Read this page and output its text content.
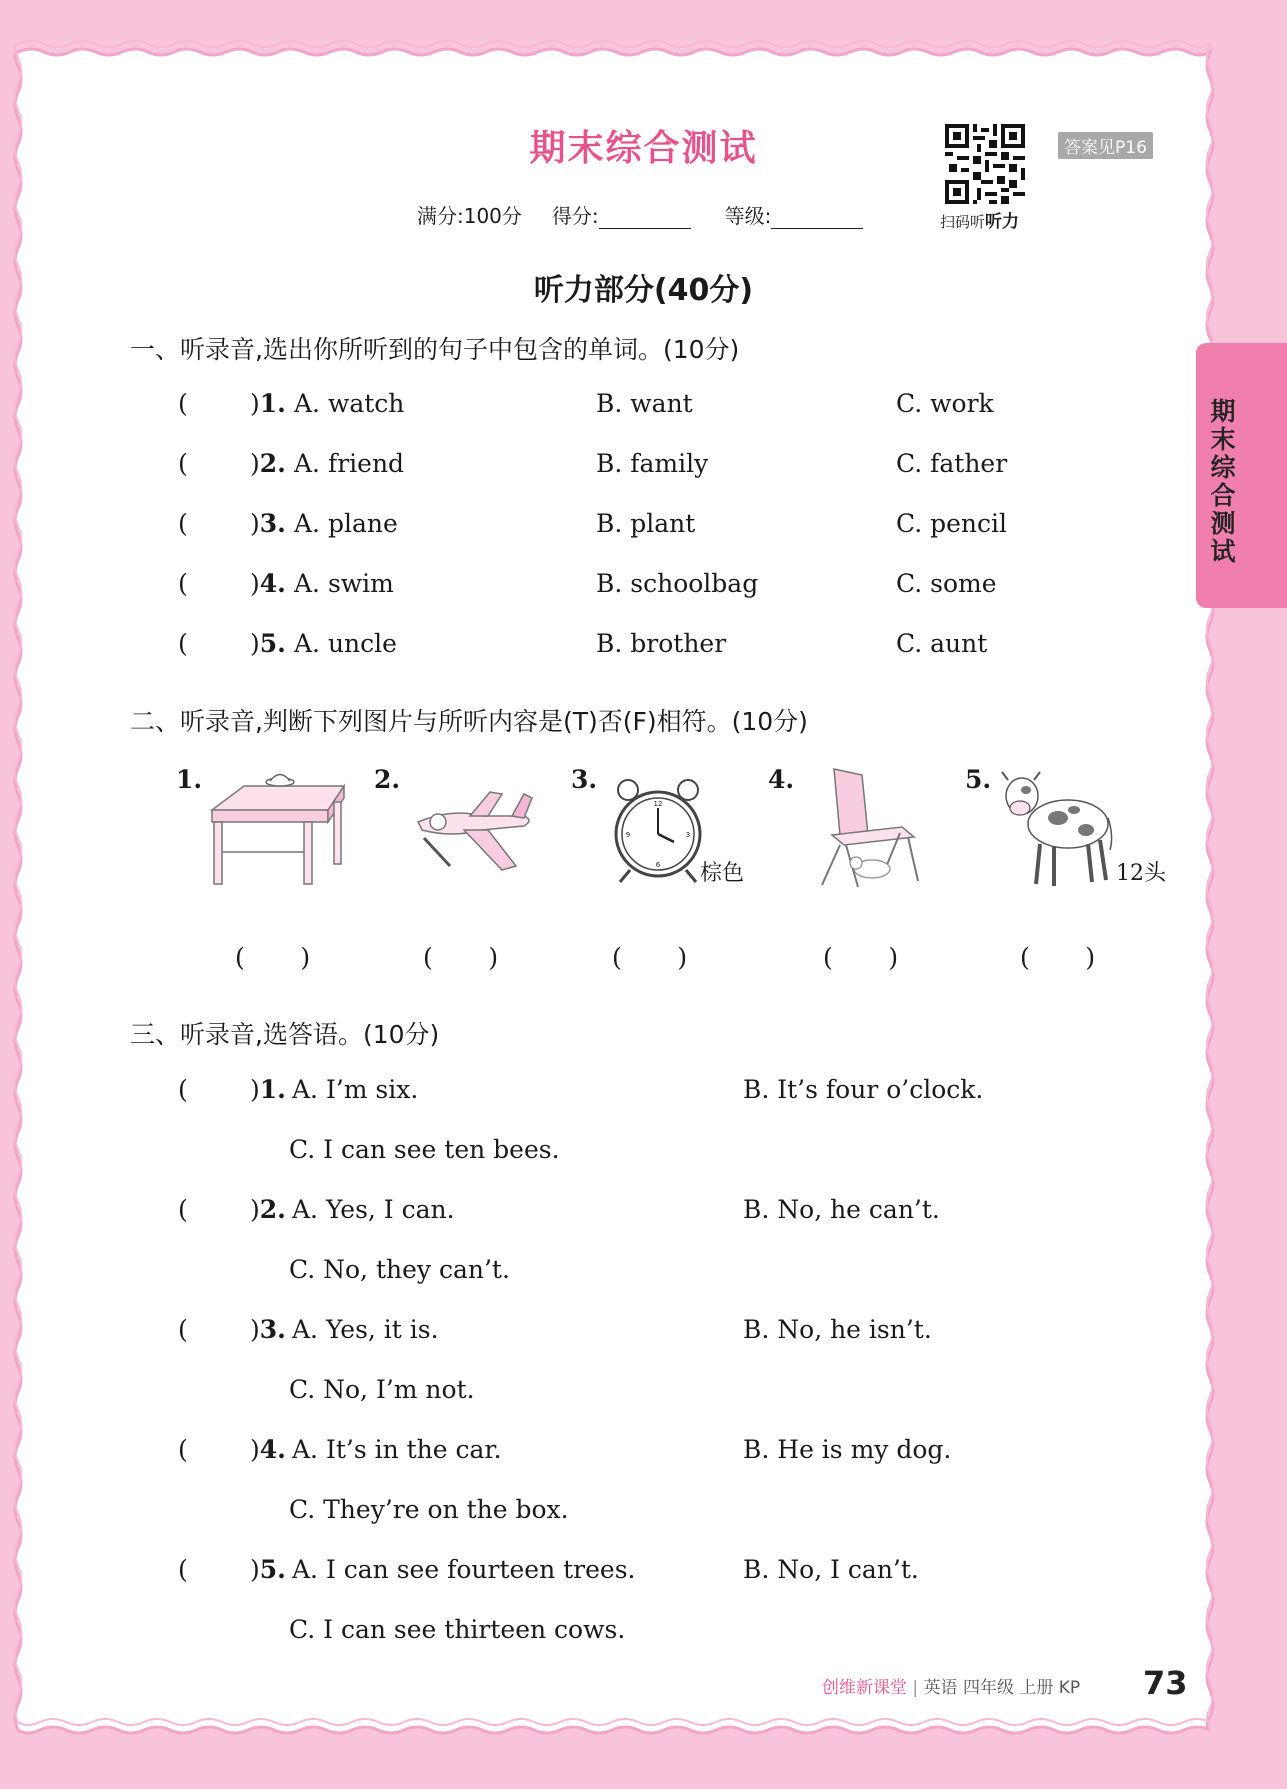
期末综合测试
满分:100分 得分:	等级:	扫码听听力
答案见P16
期末综合测试
听力部分(40分)
一、听录音,选出你所听到的句子中包含的单词。(10分)
( )1. A. watch	B. want	C. work
( )2. A. friend	B. family	C. father
( )3. A. plane	B. plant	C. pencil
( )4. A. swim	B. schoolbag	C. some
( )5. A. uncle	B. brother	C. aunt
二、听录音,判断下列图片与所听内容是(T)否(F)相符。(10分)
1.	2.	3.
12
3
6
9
棕色
4.	5.
12头
(       )	(       )	(       )	(       )	(       )
三、听录音,选答语。(10分)
( )1. A. I’m six.	B. It’s four o’clock.
C. I can see ten bees.
( )2. A. Yes, I can.	B. No, he can’t.
C. No, they can’t.
( )3. A. Yes, it is.	B. No, he isn’t.
C. No, I’m not.
( )4. A. It’s in the car.	B. He is my dog.
C. They’re on the box.
( )5. A. I can see fourteen trees.	B. No, I can’t.
C. I can see thirteen cows.
创维新课堂 | 英语 四年级 上册 KP 73
